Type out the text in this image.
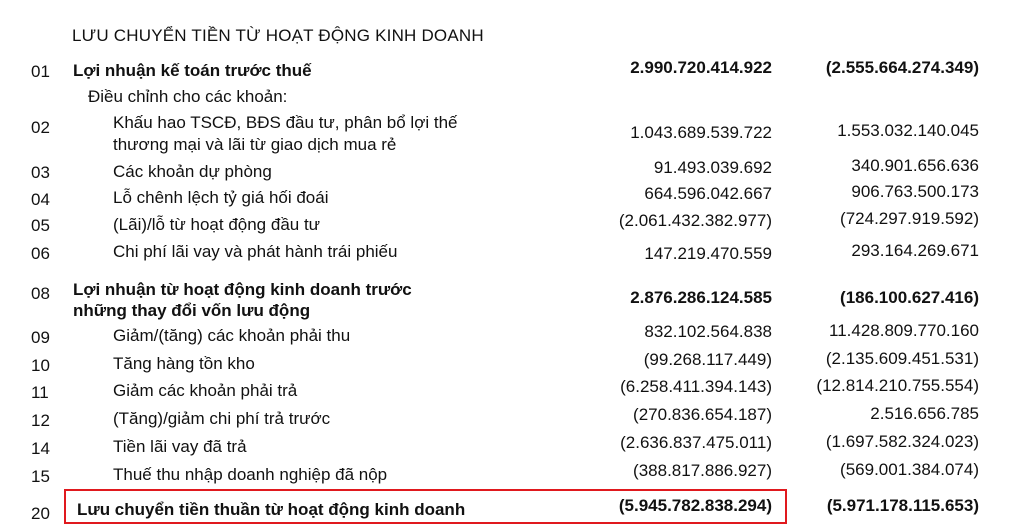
LƯU CHUYỂN TIỀN TỪ HOẠT ĐỘNG KINH DOANH
01	Lợi nhuận kế toán trước thuế	2.990.720.414.922	(2.555.664.274.349)
Điều chỉnh cho các khoản:
02	Khấu hao TSCĐ, BĐS đầu tư, phân bổ lợi thế
thương mại và lãi từ giao dịch mua rẻ
1.043.689.539.722	1.553.032.140.045
03	Các khoản dự phòng	91.493.039.692	340.901.656.636
04	Lỗ chênh lệch tỷ giá hối đoái	664.596.042.667	906.763.500.173
05	(Lãi)/lỗ từ hoạt động đầu tư	(2.061.432.382.977)	(724.297.919.592)
06	Chi phí lãi vay và phát hành trái phiếu	147.219.470.559	293.164.269.671
08	Lợi nhuận từ hoạt động kinh doanh trước
những thay đổi vốn lưu động
2.876.286.124.585	(186.100.627.416)
09	Giảm/(tăng) các khoản phải thu	832.102.564.838	11.428.809.770.160
10	Tăng hàng tồn kho	(99.268.117.449)	(2.135.609.451.531)
11	Giảm các khoản phải trả	(6.258.411.394.143)	(12.814.210.755.554)
12	(Tăng)/giảm chi phí trả trước	(270.836.654.187)	2.516.656.785
14	Tiền lãi vay đã trả	(2.636.837.475.011)	(1.697.582.324.023)
15	Thuế thu nhập doanh nghiệp đã nộp	(388.817.886.927)	(569.001.384.074)
20	Lưu chuyển tiền thuần từ hoạt động kinh doanh	(5.945.782.838.294)	(5.971.178.115.653)
